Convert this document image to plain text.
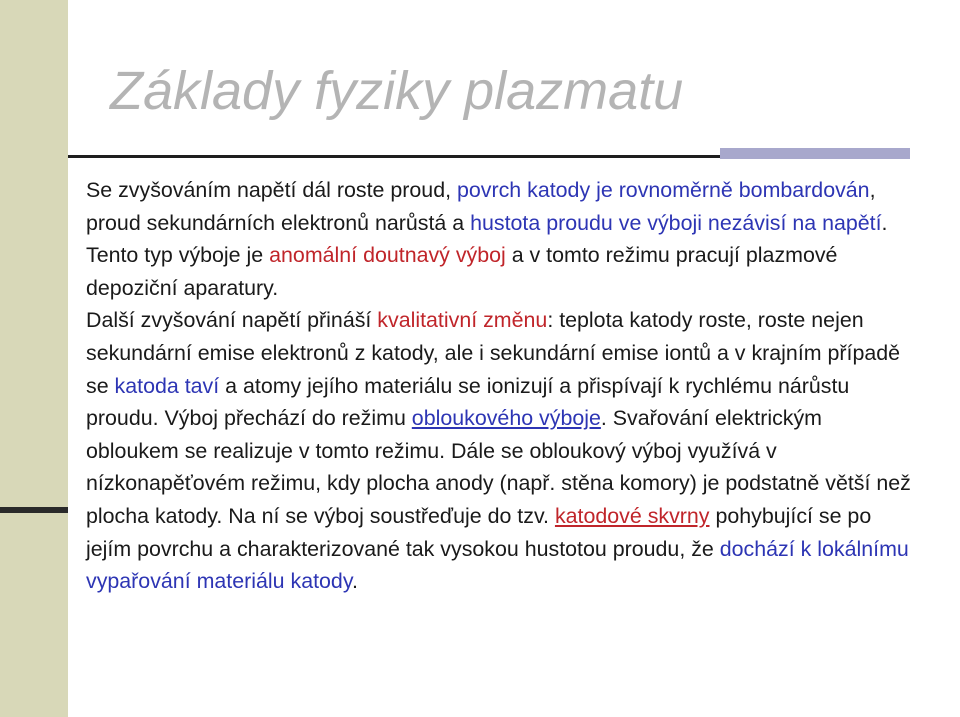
Základy fyziky plazmatu

Se zvyšováním napětí dál roste proud, povrch katody je rovnoměrně bombardován, proud sekundárních elektronů narůstá a hustota proudu ve výboji nezávisí na napětí. Tento typ výboje je anomální doutnavý výboj a v tomto režimu pracují plazmové depoziční aparatury.

Další zvyšování napětí přináší kvalitativní změnu: teplota katody roste, roste nejen sekundární emise elektronů z katody, ale i sekundární emise iontů a v krajním případě se katoda taví a atomy jejího materiálu se ionizují a přispívají k rychlému nárůstu proudu. Výboj přechází do režimu obloukového výboje. Svařování elektrickým obloukem se realizuje v tomto režimu. Dále se obloukový výboj využívá v nízkonapěťovém režimu, kdy plocha anody (např. stěna komory) je podstatně větší než plocha katody. Na ní se výboj soustřeďuje do tzv. katodové skvrny pohybující se po jejím povrchu a charakterizované tak vysokou hustotou proudu, že dochází k lokálnímu vypařování materiálu katody.
